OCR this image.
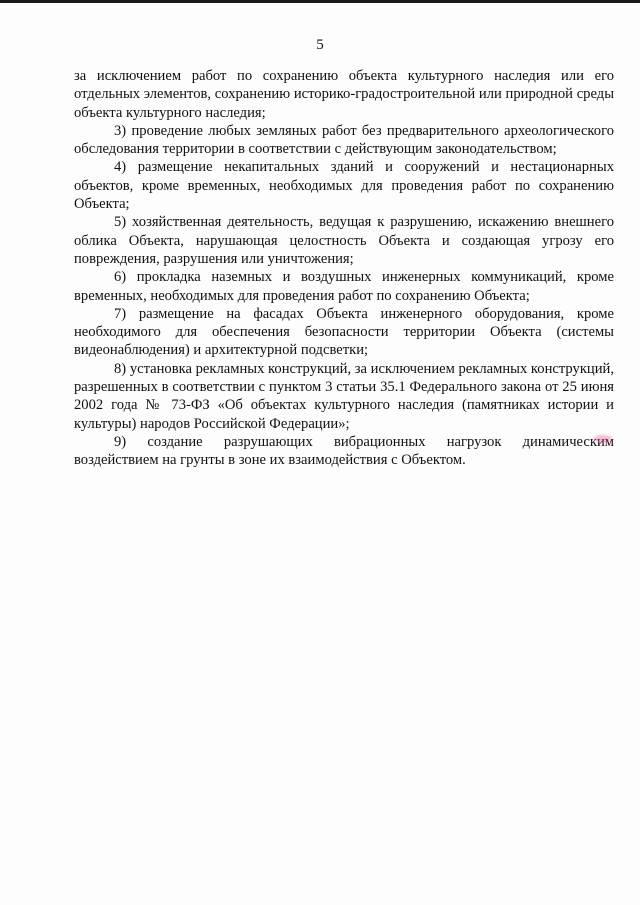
5

за исключением работ по сохранению объекта культурного наследия или его отдельных элементов, сохранению историко-градостроительной или природной среды объекта культурного наследия;

3) проведение любых земляных работ без предварительного археологического обследования территории в соответствии с действующим законодательством;

4) размещение некапитальных зданий и сооружений и нестационарных объектов, кроме временных, необходимых для проведения работ по сохранению Объекта;

5) хозяйственная деятельность, ведущая к разрушению, искажению внешнего облика Объекта, нарушающая целостность Объекта и создающая угрозу его повреждения, разрушения или уничтожения;

6) прокладка наземных и воздушных инженерных коммуникаций, кроме временных, необходимых для проведения работ по сохранению Объекта;

7) размещение на фасадах Объекта инженерного оборудования, кроме необходимого для обеспечения безопасности территории Объекта (системы видеонаблюдения) и архитектурной подсветки;

8) установка рекламных конструкций, за исключением рекламных конструкций, разрешенных в соответствии с пунктом 3 статьи 35.1 Федерального закона от 25 июня 2002 года № 73-ФЗ «Об объектах культурного наследия (памятниках истории и культуры) народов Российской Федерации»;

9) создание разрушающих вибрационных нагрузок динамическим воздействием на грунты в зоне их взаимодействия с Объектом.
